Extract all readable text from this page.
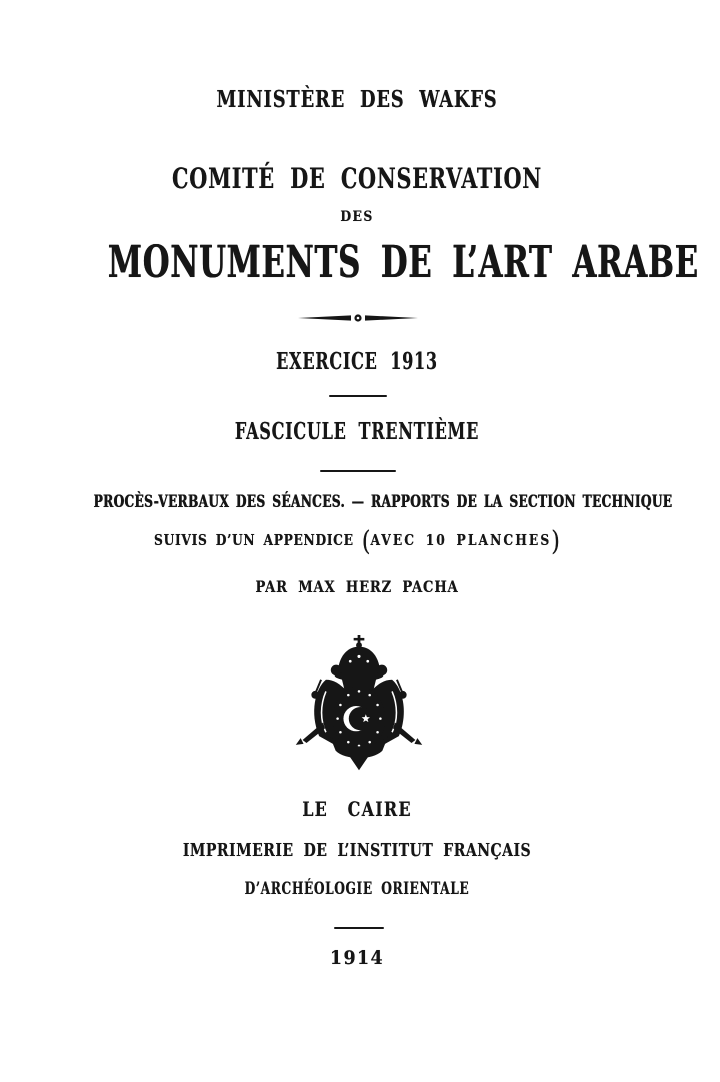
MINISTÈRE DES WAKFS
COMITÉ DE CONSERVATION
DES
MONUMENTS DE L’ART ARABE
EXERCICE 1913
FASCICULE TRENTIÈME
PROCÈS-VERBAUX DES SÉANCES. — RAPPORTS DE LA SECTION TECHNIQUE
SUIVIS D’UN APPENDICE (AVEC 10 PLANCHES)
PAR MAX HERZ PACHA
LE CAIRE
IMPRIMERIE DE L’INSTITUT FRANÇAIS
D’ARCHÉOLOGIE ORIENTALE
1914
